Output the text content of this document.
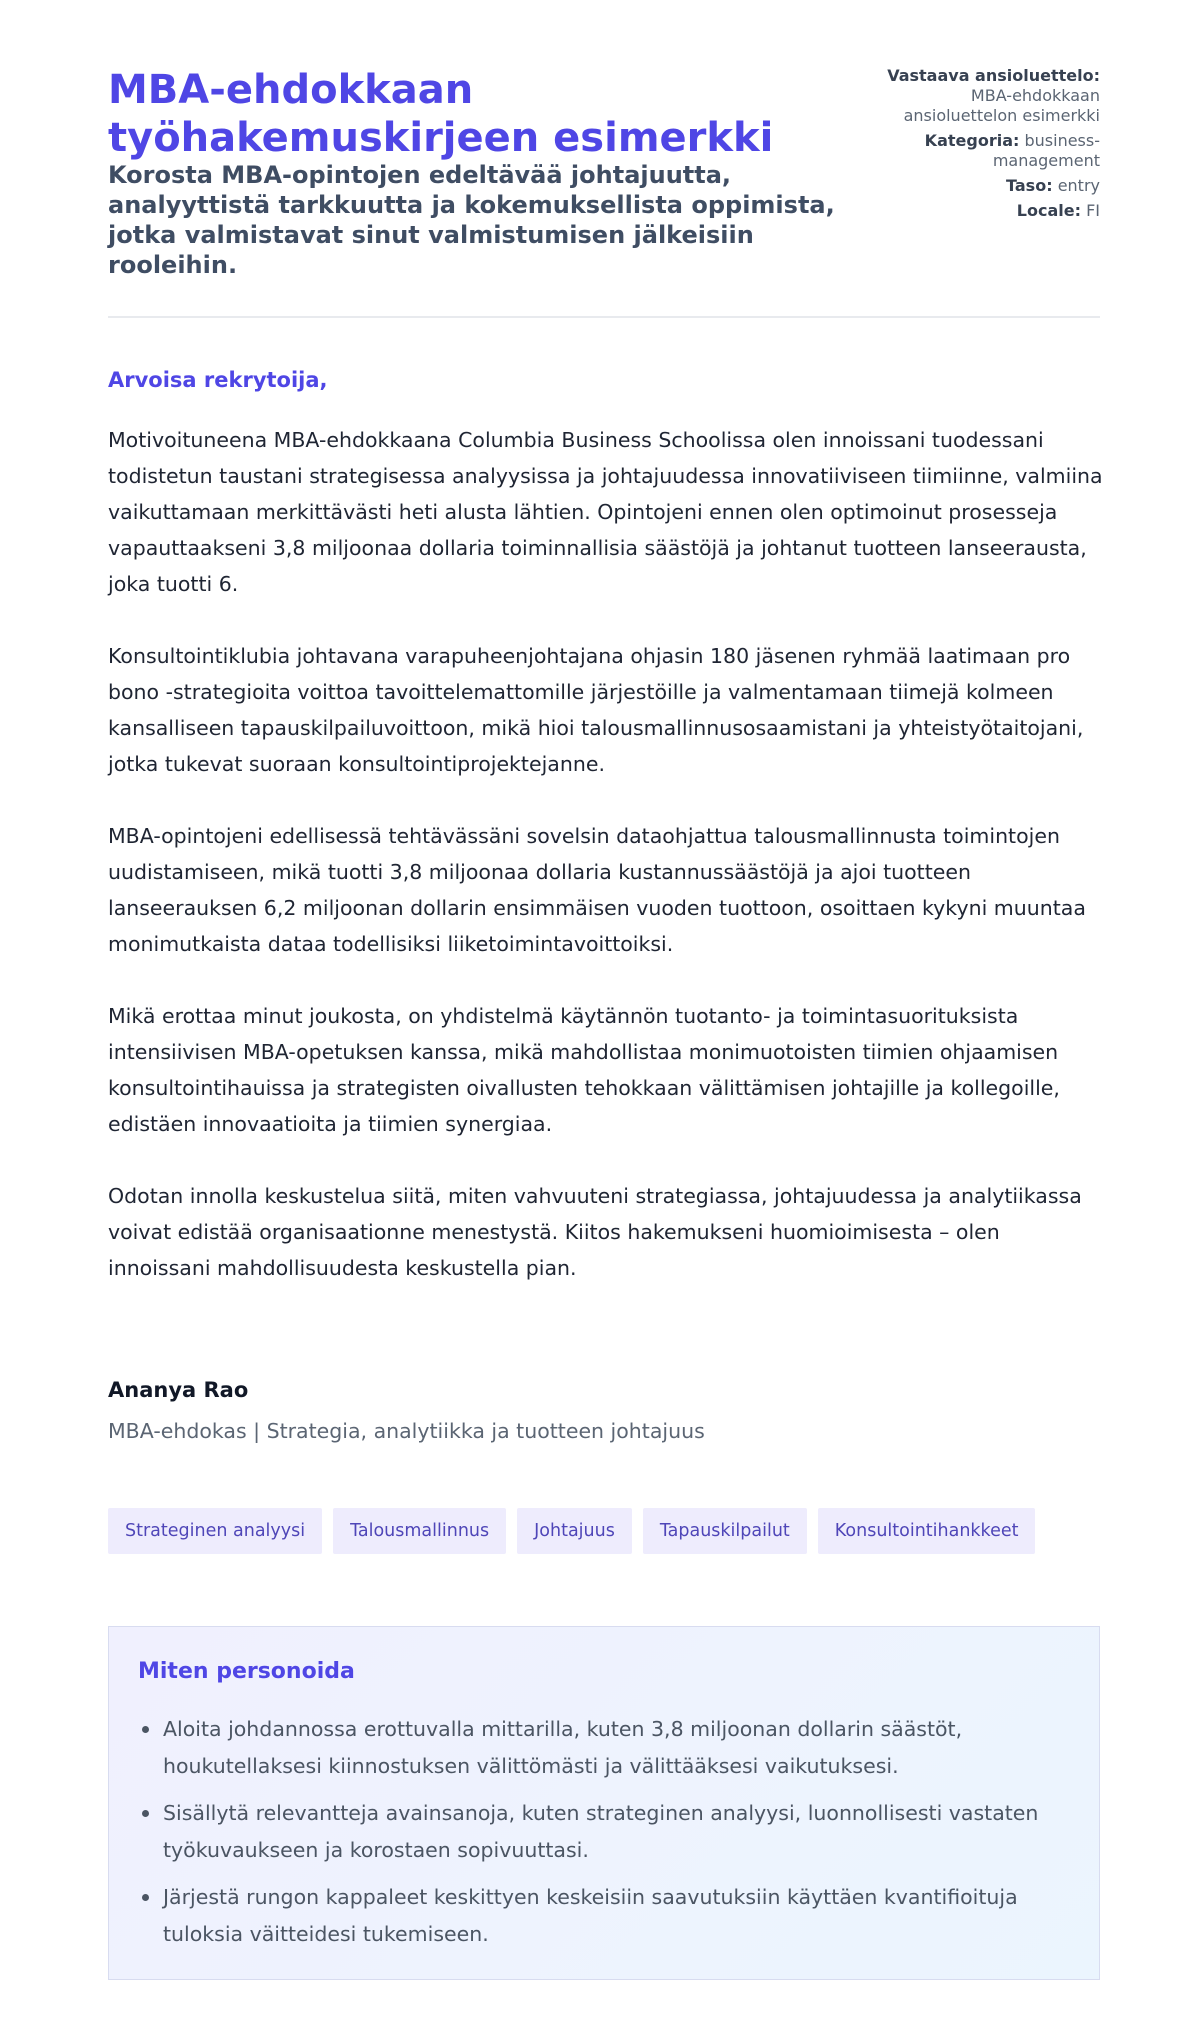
MBA-ehdokkaan työhakemuskirjeen esimerkki
Korosta MBA-opintojen edeltävää johtajuutta, analyyttistä tarkkuutta ja kokemuksellista oppimista, jotka valmistavat sinut valmistumisen jälkeisiin rooleihin.
Vastaava ansioluettelo: MBA-ehdokkaan ansioluettelon esimerkki
Kategoria: business-management
Taso: entry
Locale: FI

Arvoisa rekrytoija,

Motivoituneena MBA-ehdokkaana Columbia Business Schoolissa olen innoissani tuodessani todistetun taustani strategisessa analyysissa ja johtajuudessa innovatiiviseen tiimiinne, valmiina vaikuttamaan merkittävästi heti alusta lähtien. Opintojeni ennen olen optimoinut prosesseja vapauttaakseni 3,8 miljoonaa dollaria toiminnallisia säästöjä ja johtanut tuotteen lanseerausta, joka tuotti 6.

Konsultointiklubia johtavana varapuheenjohtajana ohjasin 180 jäsenen ryhmää laatimaan pro bono -strategioita voittoa tavoittelemattomille järjestöille ja valmentamaan tiimejä kolmeen kansalliseen tapauskilpailuvoittoon, mikä hioi talousmallinnusosaamistani ja yhteistyötaitojani, jotka tukevat suoraan konsultointiprojektejanne.

MBA-opintojeni edellisessä tehtävässäni sovelsin dataohjattua talousmallinnusta toimintojen uudistamiseen, mikä tuotti 3,8 miljoonaa dollaria kustannussäästöjä ja ajoi tuotteen lanseerauksen 6,2 miljoonan dollarin ensimmäisen vuoden tuottoon, osoittaen kykyni muuntaa monimutkaista dataa todellisiksi liiketoimintavoittoiksi.

Mikä erottaa minut joukosta, on yhdistelmä käytännön tuotanto- ja toimintasuorituksista intensiivisen MBA-opetuksen kanssa, mikä mahdollistaa monimuotoisten tiimien ohjaamisen konsultointihauissa ja strategisten oivallusten tehokkaan välittämisen johtajille ja kollegoille, edistäen innovaatioita ja tiimien synergiaa.

Odotan innolla keskustelua siitä, miten vahvuuteni strategiassa, johtajuudessa ja analytiikassa voivat edistää organisaationne menestystä. Kiitos hakemukseni huomioimisesta – olen innoissani mahdollisuudesta keskustella pian.

Ananya Rao
MBA-ehdokas | Strategia, analytiikka ja tuotteen johtajuus
Strateginen analyysi	Talousmallinnus	Johtajuus	Tapauskilpailut	Konsultointihankkeet
Miten personoida
Aloita johdannossa erottuvalla mittarilla, kuten 3,8 miljoonan dollarin säästöt, houkutellaksesi kiinnostuksen välittömästi ja välittääksesi vaikutuksesi.
Sisällytä relevantteja avainsanoja, kuten strateginen analyysi, luonnollisesti vastaten työkuvaukseen ja korostaen sopivuuttasi.
Järjestä rungon kappaleet keskittyen keskeisiin saavutuksiin käyttäen kvantifioituja tuloksia väitteidesi tukemiseen.
